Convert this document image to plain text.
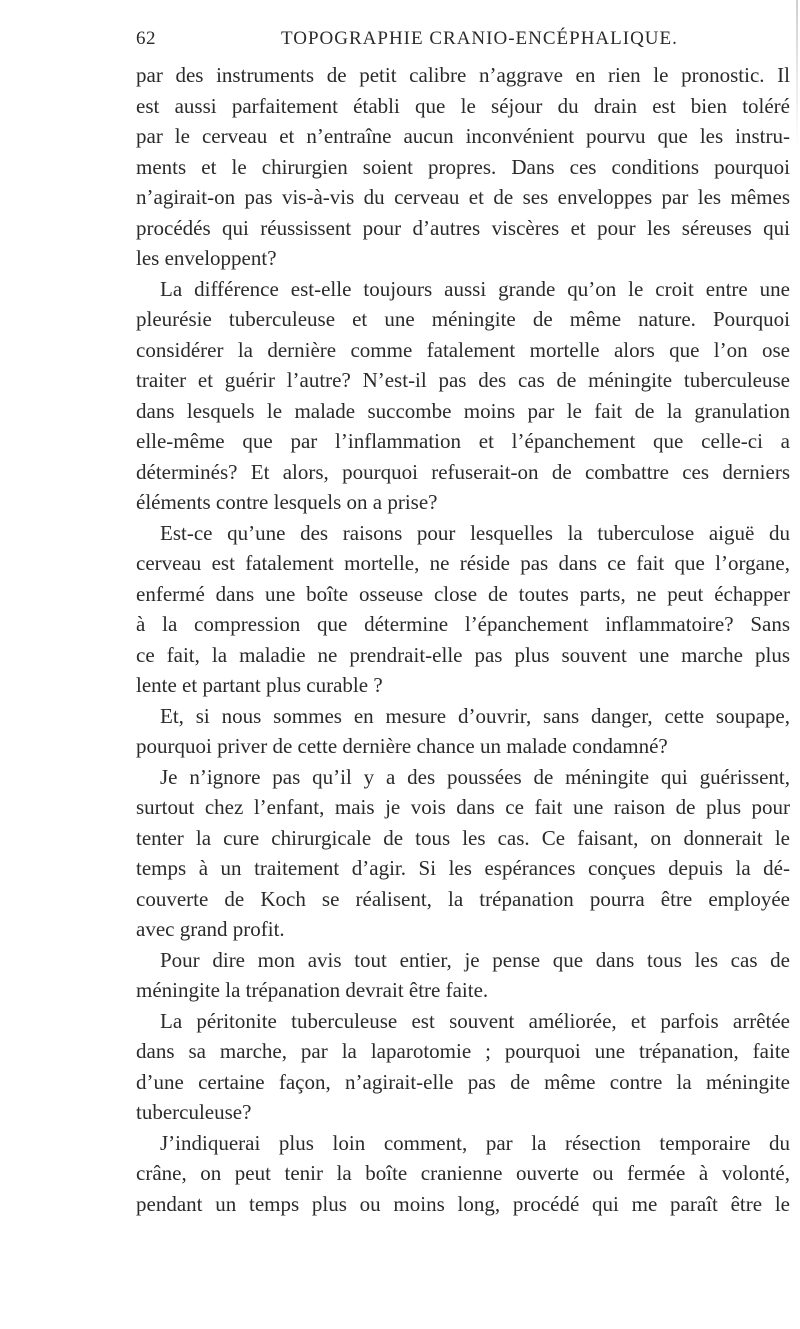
62	TOPOGRAPHIE CRANIO-ENCÉPHALIQUE.
par des instruments de petit calibre n’aggrave en rien le pronostic. Il
est aussi parfaitement établi que le séjour du drain est bien toléré
par le cerveau et n’entraîne aucun inconvénient pourvu que les instru-
ments et le chirurgien soient propres. Dans ces conditions pourquoi
n’agirait-on pas vis-à-vis du cerveau et de ses enveloppes par les mêmes
procédés qui réussissent pour d’autres viscères et pour les séreuses qui
les enveloppent?
La différence est-elle toujours aussi grande qu’on le croit entre une
pleurésie tuberculeuse et une méningite de même nature. Pourquoi
considérer la dernière comme fatalement mortelle alors que l’on ose
traiter et guérir l’autre? N’est-il pas des cas de méningite tuberculeuse
dans lesquels le malade succombe moins par le fait de la granulation
elle-même que par l’inflammation et l’épanchement que celle-ci a
déterminés? Et alors, pourquoi refuserait-on de combattre ces derniers
éléments contre lesquels on a prise?
Est-ce qu’une des raisons pour lesquelles la tuberculose aiguë du
cerveau est fatalement mortelle, ne réside pas dans ce fait que l’organe,
enfermé dans une boîte osseuse close de toutes parts, ne peut échapper
à la compression que détermine l’épanchement inflammatoire? Sans
ce fait, la maladie ne prendrait-elle pas plus souvent une marche plus
lente et partant plus curable ?
Et, si nous sommes en mesure d’ouvrir, sans danger, cette soupape,
pourquoi priver de cette dernière chance un malade condamné?
Je n’ignore pas qu’il y a des poussées de méningite qui guérissent,
surtout chez l’enfant, mais je vois dans ce fait une raison de plus pour
tenter la cure chirurgicale de tous les cas. Ce faisant, on donnerait le
temps à un traitement d’agir. Si les espérances conçues depuis la dé-
couverte de Koch se réalisent, la trépanation pourra être employée
avec grand profit.
Pour dire mon avis tout entier, je pense que dans tous les cas de
méningite la trépanation devrait être faite.
La péritonite tuberculeuse est souvent améliorée, et parfois arrêtée
dans sa marche, par la laparotomie ; pourquoi une trépanation, faite
d’une certaine façon, n’agirait-elle pas de même contre la méningite
tuberculeuse?
J’indiquerai plus loin comment, par la résection temporaire du
crâne, on peut tenir la boîte cranienne ouverte ou fermée à volonté,
pendant un temps plus ou moins long, procédé qui me paraît être le
